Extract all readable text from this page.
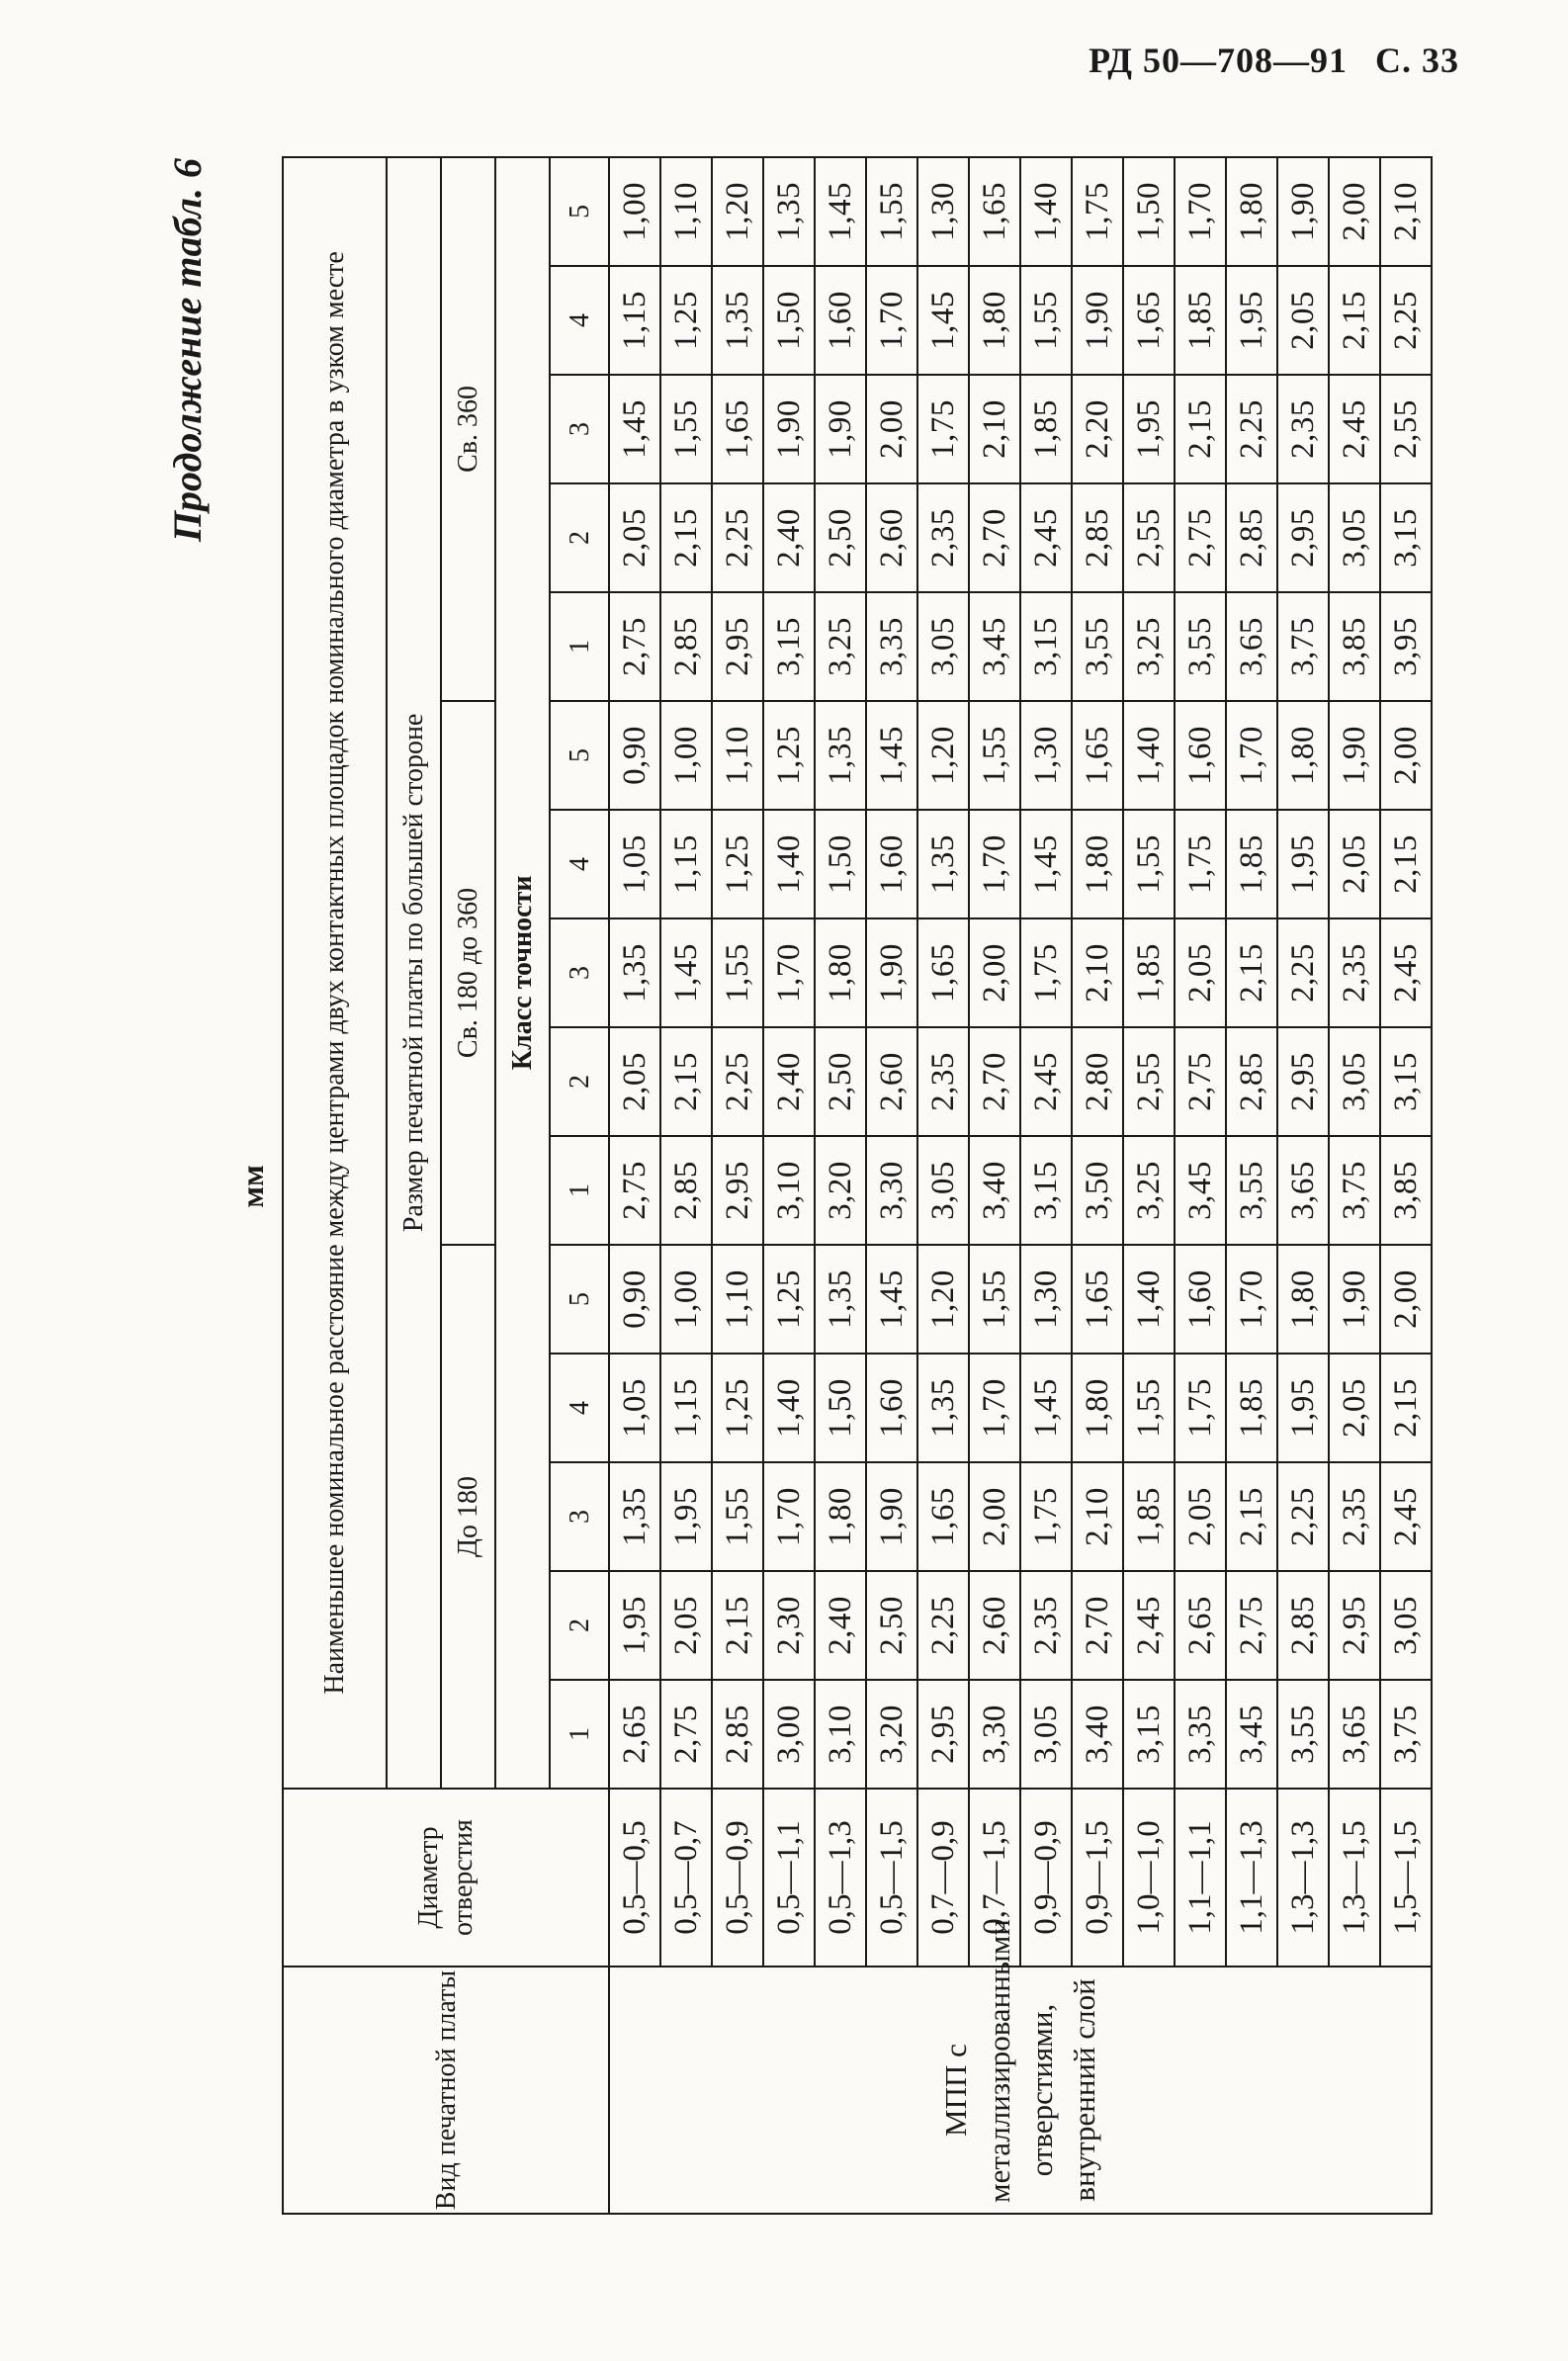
РД 50—708—91 С. 33
Продолжение табл. 6
мм
Вид печатной платы	Диаметр отверстия	Наименьшее номинальное расстояние между центрами двух контактных площадок номинального диаметра в узком месте														
		Размер печатной платы по большей стороне														
		До 180					Св. 180 до 360					Св. 360				
		Класс точности														
		1	2	3	4	5	1	2	3	4	5	1	2	3	4	5
МПП с металлизированными отверстиями, внутренний слой	0,5—0,5	2,65	1,95	1,35	1,05	0,90	2,75	2,05	1,35	1,05	0,90	2,75	2,05	1,45	1,15	1,00
	0,5—0,7	2,75	2,05	1,95	1,15	1,00	2,85	2,15	1,45	1,15	1,00	2,85	2,15	1,55	1,25	1,10
	0,5—0,9	2,85	2,15	1,55	1,25	1,10	2,95	2,25	1,55	1,25	1,10	2,95	2,25	1,65	1,35	1,20
	0,5—1,1	3,00	2,30	1,70	1,40	1,25	3,10	2,40	1,70	1,40	1,25	3,15	2,40	1,90	1,50	1,35
	0,5—1,3	3,10	2,40	1,80	1,50	1,35	3,20	2,50	1,80	1,50	1,35	3,25	2,50	1,90	1,60	1,45
	0,5—1,5	3,20	2,50	1,90	1,60	1,45	3,30	2,60	1,90	1,60	1,45	3,35	2,60	2,00	1,70	1,55
	0,7—0,9	2,95	2,25	1,65	1,35	1,20	3,05	2,35	1,65	1,35	1,20	3,05	2,35	1,75	1,45	1,30
	0,7—1,5	3,30	2,60	2,00	1,70	1,55	3,40	2,70	2,00	1,70	1,55	3,45	2,70	2,10	1,80	1,65
	0,9—0,9	3,05	2,35	1,75	1,45	1,30	3,15	2,45	1,75	1,45	1,30	3,15	2,45	1,85	1,55	1,40
	0,9—1,5	3,40	2,70	2,10	1,80	1,65	3,50	2,80	2,10	1,80	1,65	3,55	2,85	2,20	1,90	1,75
	1,0—1,0	3,15	2,45	1,85	1,55	1,40	3,25	2,55	1,85	1,55	1,40	3,25	2,55	1,95	1,65	1,50
	1,1—1,1	3,35	2,65	2,05	1,75	1,60	3,45	2,75	2,05	1,75	1,60	3,55	2,75	2,15	1,85	1,70
	1,1—1,3	3,45	2,75	2,15	1,85	1,70	3,55	2,85	2,15	1,85	1,70	3,65	2,85	2,25	1,95	1,80
	1,3—1,3	3,55	2,85	2,25	1,95	1,80	3,65	2,95	2,25	1,95	1,80	3,75	2,95	2,35	2,05	1,90
	1,3—1,5	3,65	2,95	2,35	2,05	1,90	3,75	3,05	2,35	2,05	1,90	3,85	3,05	2,45	2,15	2,00
	1,5—1,5	3,75	3,05	2,45	2,15	2,00	3,85	3,15	2,45	2,15	2,00	3,95	3,15	2,55	2,25	2,10
